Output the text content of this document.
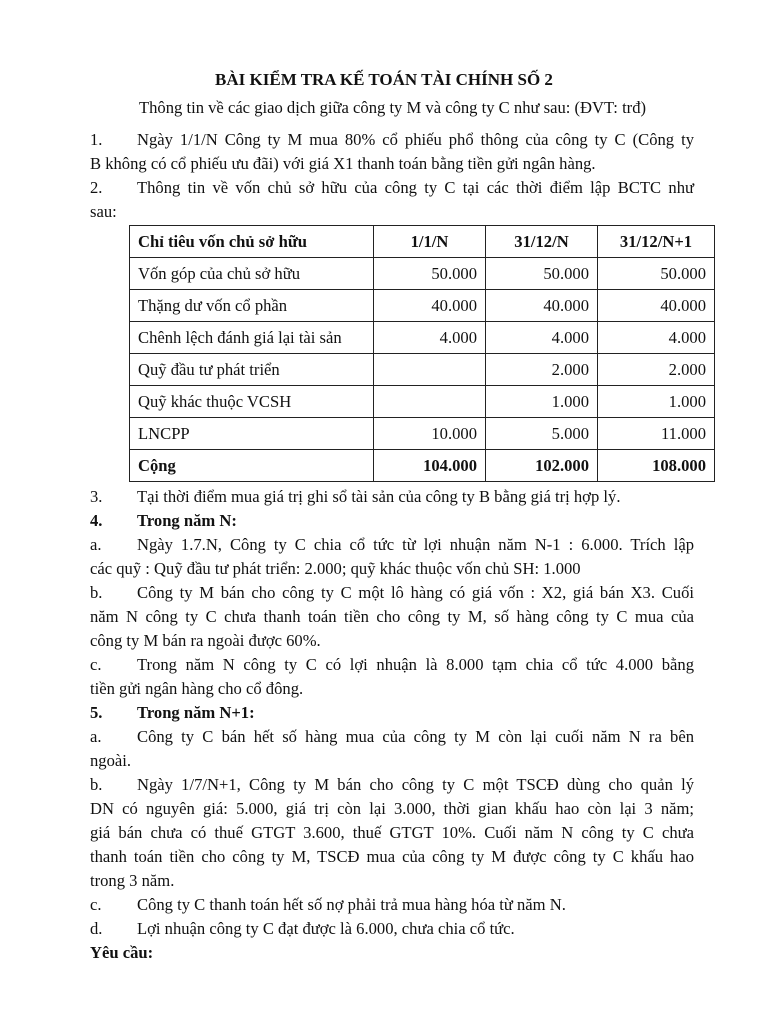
BÀI KIỂM TRA KẾ TOÁN TÀI CHÍNH SỐ 2
Thông tin về các giao dịch giữa công ty M và công ty C như sau: (ĐVT: trđ)
1. Ngày 1/1/N Công ty M mua 80% cổ phiếu phổ thông của công ty C (Công ty
B không có cổ phiếu ưu đãi) với giá X1 thanh toán bằng tiền gửi ngân hàng.
2. Thông tin về vốn chủ sở hữu của công ty C tại các thời điểm lập BCTC như
sau:
Chỉ tiêu vốn chủ sở hữu	1/1/N	31/12/N	31/12/N+1
Vốn góp của chủ sở hữu	50.000	50.000	50.000
Thặng dư vốn cổ phần	40.000	40.000	40.000
Chênh lệch đánh giá lại tài sản	4.000	4.000	4.000
Quỹ đầu tư phát triển		2.000	2.000
Quỹ khác thuộc VCSH		1.000	1.000
LNCPP	10.000	5.000	11.000
Cộng	104.000	102.000	108.000
3. Tại thời điểm mua giá trị ghi sổ tài sản của công ty B bằng giá trị hợp lý.
4. Trong năm N:
a. Ngày 1.7.N, Công ty C chia cổ tức từ lợi nhuận năm N-1 : 6.000. Trích lập
các quỹ : Quỹ đầu tư phát triển: 2.000; quỹ khác thuộc vốn chủ SH: 1.000
b. Công ty M bán cho công ty C một lô hàng có giá vốn : X2, giá bán X3. Cuối
năm N công ty C chưa thanh toán tiền cho công ty M, số hàng công ty C mua của
công ty M bán ra ngoài được 60%.
c. Trong năm N công ty C có lợi nhuận là 8.000 tạm chia cổ tức 4.000 bằng
tiền gửi ngân hàng cho cổ đông.
5. Trong năm N+1:
a. Công ty C bán hết số hàng mua của công ty M còn lại cuối năm N ra bên
ngoài.
b. Ngày 1/7/N+1, Công ty M bán cho công ty C một TSCĐ dùng cho quản lý
DN có nguyên giá: 5.000, giá trị còn lại 3.000, thời gian khấu hao còn lại 3 năm;
giá bán chưa có thuế GTGT 3.600, thuế GTGT 10%. Cuối năm N công ty C chưa
thanh toán tiền cho công ty M, TSCĐ mua của công ty M được công ty C khấu hao
trong 3 năm.
c. Công ty C thanh toán hết số nợ phải trả mua hàng hóa từ năm N.
d. Lợi nhuận công ty C đạt được là 6.000, chưa chia cổ tức.
Yêu cầu:
